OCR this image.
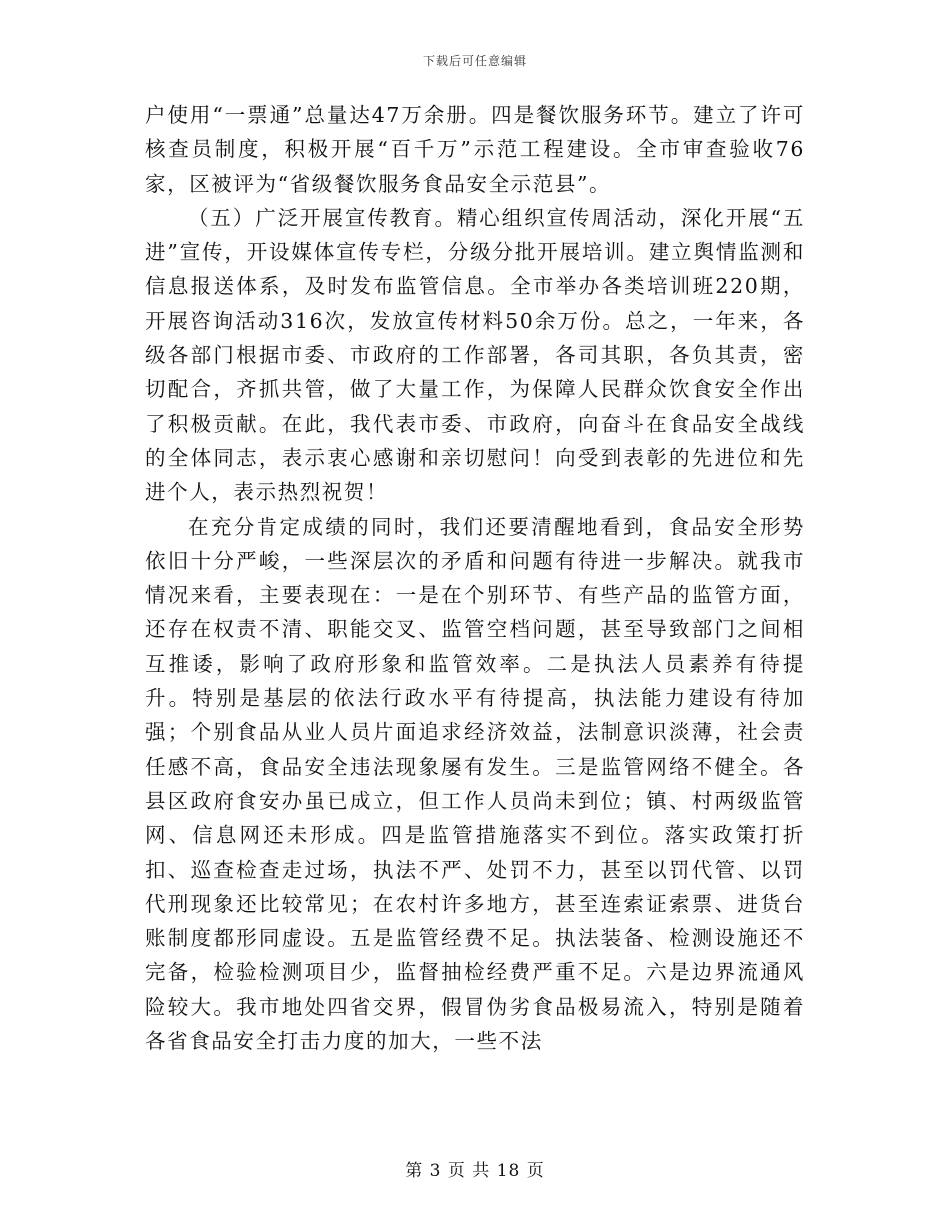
下载后可任意编辑

户使用“一票通”总量达47万余册。四是餐饮服务环节。建立了许可核查员制度，积极开展“百千万”示范工程建设。全市审查验收76家，区被评为“省级餐饮服务食品安全示范县”。

（五）广泛开展宣传教育。精心组织宣传周活动，深化开展“五进”宣传，开设媒体宣传专栏，分级分批开展培训。建立舆情监测和信息报送体系，及时发布监管信息。全市举办各类培训班220期，开展咨询活动316次，发放宣传材料50余万份。总之，一年来，各级各部门根据市委、市政府的工作部署，各司其职，各负其责，密切配合，齐抓共管，做了大量工作，为保障人民群众饮食安全作出了积极贡献。在此，我代表市委、市政府，向奋斗在食品安全战线的全体同志，表示衷心感谢和亲切慰问！向受到表彰的先进位和先进个人，表示热烈祝贺！

在充分肯定成绩的同时，我们还要清醒地看到，食品安全形势依旧十分严峻，一些深层次的矛盾和问题有待进一步解决。就我市情况来看，主要表现在：一是在个别环节、有些产品的监管方面，还存在权责不清、职能交叉、监管空档问题，甚至导致部门之间相互推诿，影响了政府形象和监管效率。二是执法人员素养有待提升。特别是基层的依法行政水平有待提高，执法能力建设有待加强；个别食品从业人员片面追求经济效益，法制意识淡薄，社会责任感不高，食品安全违法现象屡有发生。三是监管网络不健全。各县区政府食安办虽已成立，但工作人员尚未到位；镇、村两级监管网、信息网还未形成。四是监管措施落实不到位。落实政策打折扣、巡查检查走过场，执法不严、处罚不力，甚至以罚代管、以罚代刑现象还比较常见；在农村许多地方，甚至连索证索票、进货台账制度都形同虚设。五是监管经费不足。执法装备、检测设施还不完备，检验检测项目少，监督抽检经费严重不足。六是边界流通风险较大。我市地处四省交界，假冒伪劣食品极易流入，特别是随着各省食品安全打击力度的加大，一些不法

第 3 页 共 18 页
